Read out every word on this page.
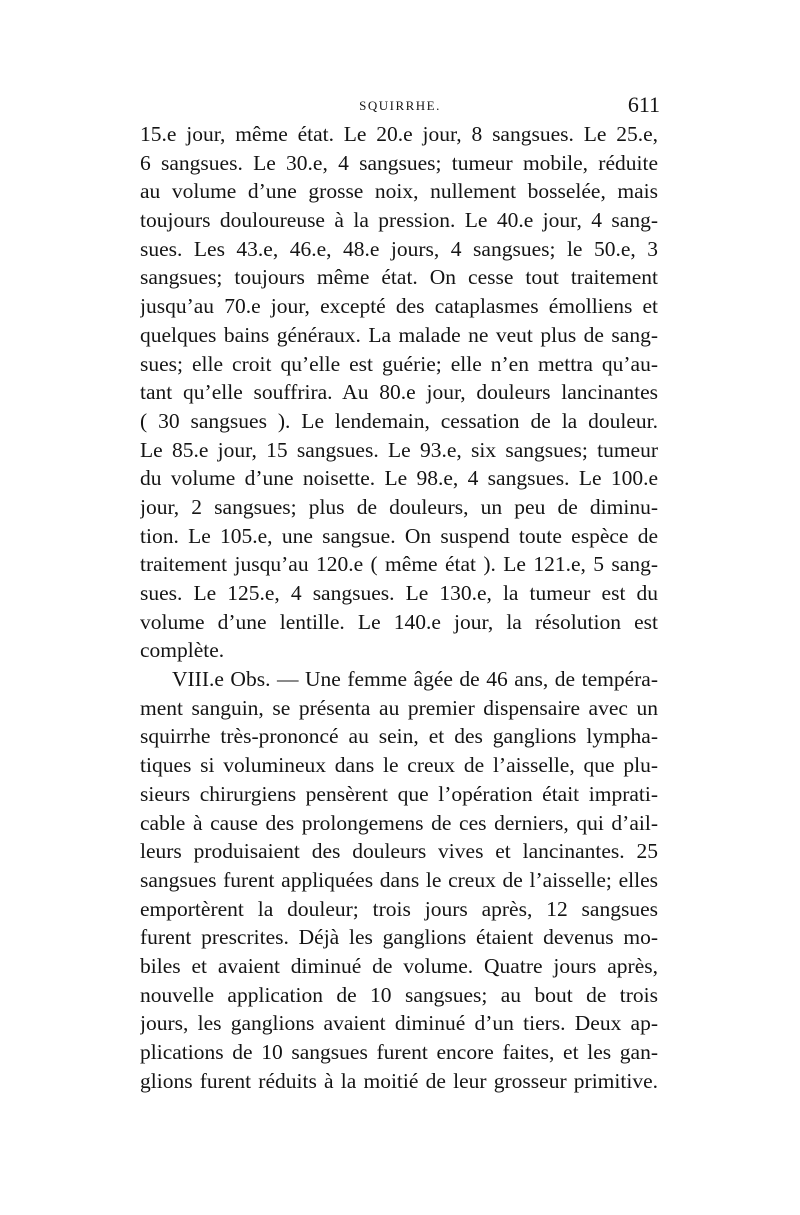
SQUIRRHE.	611
15.e jour, même état. Le 20.e jour, 8 sangsues. Le 25.e,
6 sangsues. Le 30.e, 4 sangsues; tumeur mobile, réduite
au volume d’une grosse noix, nullement bosselée, mais
toujours douloureuse à la pression. Le 40.e jour, 4 sang-
sues. Les 43.e, 46.e, 48.e jours, 4 sangsues; le 50.e, 3
sangsues; toujours même état. On cesse tout traitement
jusqu’au 70.e jour, excepté des cataplasmes émolliens et
quelques bains généraux. La malade ne veut plus de sang-
sues; elle croit qu’elle est guérie; elle n’en mettra qu’au-
tant qu’elle souffrira. Au 80.e jour, douleurs lancinantes
( 30 sangsues ). Le lendemain, cessation de la douleur.
Le 85.e jour, 15 sangsues. Le 93.e, six sangsues; tumeur
du volume d’une noisette. Le 98.e, 4 sangsues. Le 100.e
jour, 2 sangsues; plus de douleurs, un peu de diminu-
tion. Le 105.e, une sangsue. On suspend toute espèce de
traitement jusqu’au 120.e ( même état ). Le 121.e, 5 sang-
sues. Le 125.e, 4 sangsues. Le 130.e, la tumeur est du
volume d’une lentille. Le 140.e jour, la résolution est
complète.
VIII.e Obs. — Une femme âgée de 46 ans, de tempéra-
ment sanguin, se présenta au premier dispensaire avec un
squirrhe très-prononcé au sein, et des ganglions lympha-
tiques si volumineux dans le creux de l’aisselle, que plu-
sieurs chirurgiens pensèrent que l’opération était imprati-
cable à cause des prolongemens de ces derniers, qui d’ail-
leurs produisaient des douleurs vives et lancinantes. 25
sangsues furent appliquées dans le creux de l’aisselle; elles
emportèrent la douleur; trois jours après, 12 sangsues
furent prescrites. Déjà les ganglions étaient devenus mo-
biles et avaient diminué de volume. Quatre jours après,
nouvelle application de 10 sangsues; au bout de trois
jours, les ganglions avaient diminué d’un tiers. Deux ap-
plications de 10 sangsues furent encore faites, et les gan-
glions furent réduits à la moitié de leur grosseur primitive.
